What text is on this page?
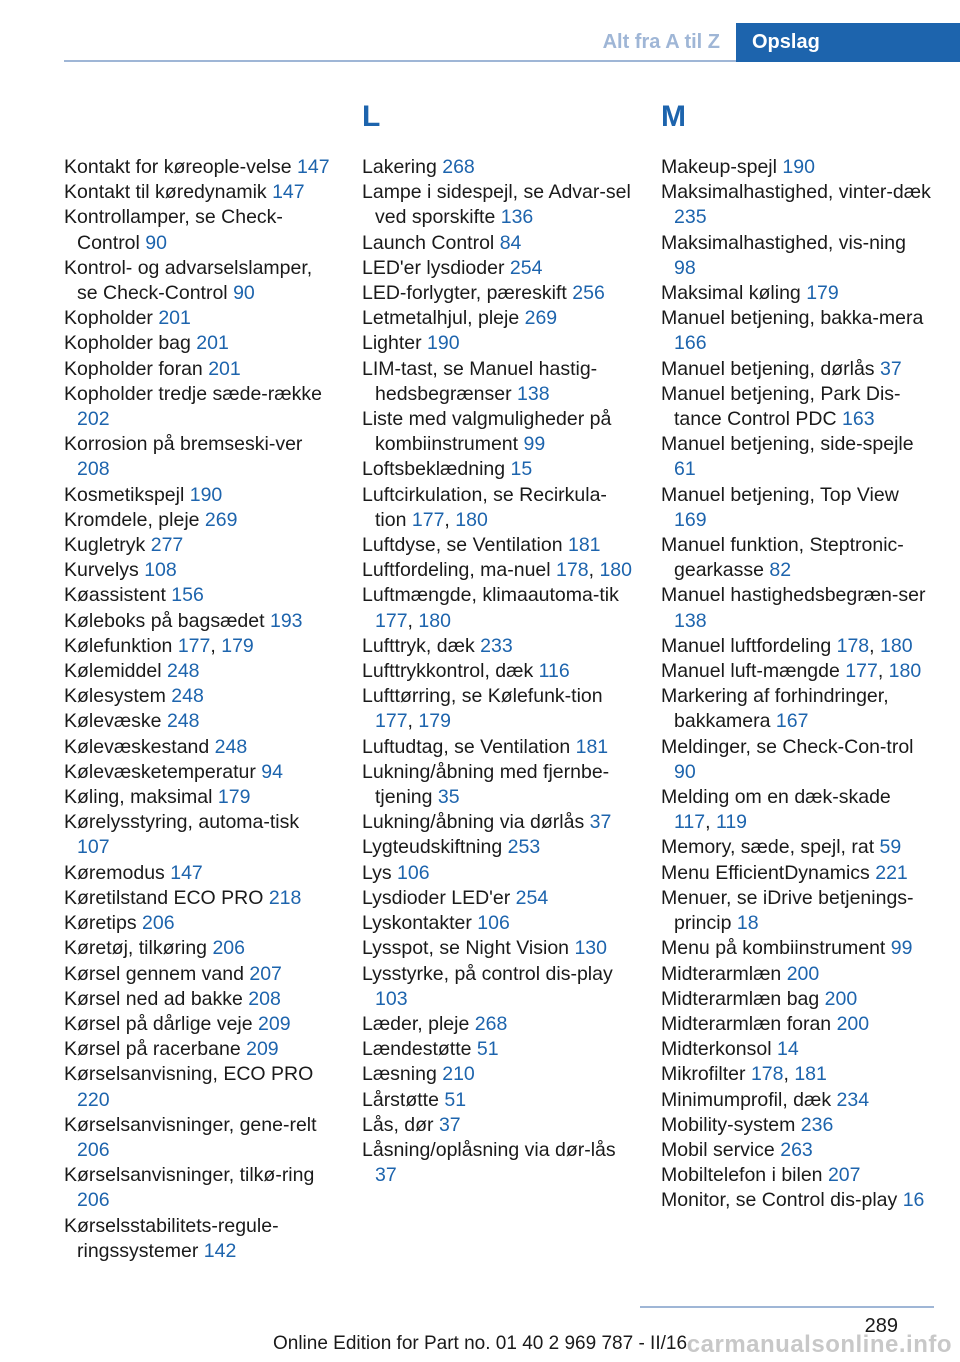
Alt fra A til Z	Opslag
Kontakt for køreople-velse 147
Kontakt til køredynamik 147
Kontrollamper, se Check-Control 90
Kontrol- og advarselslamper, se Check-Control 90
Kopholder 201
Kopholder bag 201
Kopholder foran 201
Kopholder tredje sæde-række 202
Korrosion på bremseski-ver 208
Kosmetikspejl 190
Kromdele, pleje 269
Kugletryk 277
Kurvelys 108
Køassistent 156
Køleboks på bagsædet 193
Kølefunktion 177, 179
Kølemiddel 248
Kølesystem 248
Kølevæske 248
Kølevæskestand 248
Kølevæsketemperatur 94
Køling, maksimal 179
Kørelysstyring, automa-tisk 107
Køremodus 147
Køretilstand ECO PRO 218
Køretips 206
Køretøj, tilkøring 206
Kørsel gennem vand 207
Kørsel ned ad bakke 208
Kørsel på dårlige veje 209
Kørsel på racerbane 209
Kørselsanvisning, ECO PRO 220
Kørselsanvisninger, gene-relt 206
Kørselsanvisninger, tilkø-ring 206
Kørselsstabilitets-regule-ringssystemer 142
L
Lakering 268
Lampe i sidespejl, se Advar-sel ved sporskifte 136
Launch Control 84
LED'er lysdioder 254
LED-forlygter, pæreskift 256
Letmetalhjul, pleje 269
Lighter 190
LIM-tast, se Manuel hastig-hedsbegrænser 138
Liste med valgmuligheder på kombiinstrument 99
Loftsbeklædning 15
Luftcirkulation, se Recirkula-tion 177, 180
Luftdyse, se Ventilation 181
Luftfordeling, ma-nuel 178, 180
Luftmængde, klimaautoma-tik 177, 180
Lufttryk, dæk 233
Lufttrykkontrol, dæk 116
Lufttørring, se Kølefunk-tion 177, 179
Luftudtag, se Ventilation 181
Lukning/åbning med fjernbe-tjening 35
Lukning/åbning via dørlås 37
Lygteudskiftning 253
Lys 106
Lysdioder LED'er 254
Lyskontakter 106
Lysspot, se Night Vision 130
Lysstyrke, på control dis-play 103
Læder, pleje 268
Lændestøtte 51
Læsning 210
Lårstøtte 51
Lås, dør 37
Låsning/oplåsning via dør-lås 37
M
Makeup-spejl 190
Maksimalhastighed, vinter-dæk 235
Maksimalhastighed, vis-ning 98
Maksimal køling 179
Manuel betjening, bakka-mera 166
Manuel betjening, dørlås 37
Manuel betjening, Park Dis-tance Control PDC 163
Manuel betjening, side-spejle 61
Manuel betjening, Top View 169
Manuel funktion, Steptronic-gearkasse 82
Manuel hastighedsbegræn-ser 138
Manuel luftfordeling 178, 180
Manuel luft-mængde 177, 180
Markering af forhindringer, bakkamera 167
Meldinger, se Check-Con-trol 90
Melding om en dæk-skade 117, 119
Memory, sæde, spejl, rat 59
Menu EfficientDynamics 221
Menuer, se iDrive betjenings-princip 18
Menu på kombiinstrument 99
Midterarmlæn 200
Midterarmlæn bag 200
Midterarmlæn foran 200
Midterkonsol 14
Mikrofilter 178, 181
Minimumprofil, dæk 234
Mobility-system 236
Mobil service 263
Mobiltelefon i bilen 207
Monitor, se Control dis-play 16
289
Online Edition for Part no. 01 40 2 969 787 - II/16 carmanualsonline.info
